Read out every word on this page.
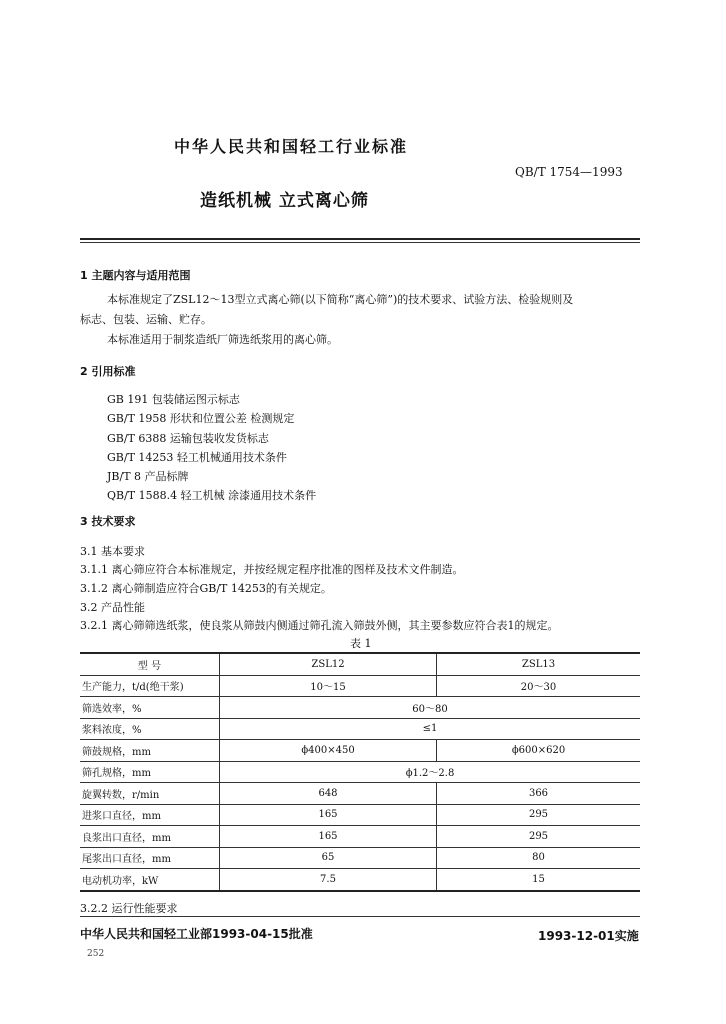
中华人民共和国轻工行业标准
QB/T 1754—1993
造纸机械 立式离心筛
1 主题内容与适用范围
本标准规定了ZSL12～13型立式离心筛(以下简称“离心筛”)的技术要求、试验方法、检验规则及
标志、包装、运输、贮存。
本标准适用于制浆造纸厂筛选纸浆用的离心筛。
2 引用标准
GB 191 包装储运图示标志
GB/T 1958 形状和位置公差 检测规定
GB/T 6388 运输包装收发货标志
GB/T 14253 轻工机械通用技术条件
JB/T 8 产品标牌
QB/T 1588.4 轻工机械 涂漆通用技术条件
3 技术要求
3.1 基本要求
3.1.1 离心筛应符合本标准规定，并按经规定程序批准的图样及技术文件制造。
3.1.2 离心筛制造应符合GB/T 14253的有关规定。
3.2 产品性能
3.2.1 离心筛筛选纸浆，使良浆从筛鼓内侧通过筛孔流入筛鼓外侧，其主要参数应符合表1的规定。
表 1
型 号	ZSL12	ZSL13
生产能力，t/d(绝干浆)	10～15	20～30
筛选效率，%	60～80	
浆料浓度，%	≤1	
筛鼓规格，mm	ϕ400×450	ϕ600×620
筛孔规格，mm	ϕ1.2～2.8	
旋翼转数，r/min	648	366
进浆口直径，mm	165	295
良浆出口直径，mm	165	295
尾浆出口直径，mm	65	80
电动机功率，kW	7.5	15
3.2.2 运行性能要求
中华人民共和国轻工业部1993-04-15批准	1993-12-01实施
252
